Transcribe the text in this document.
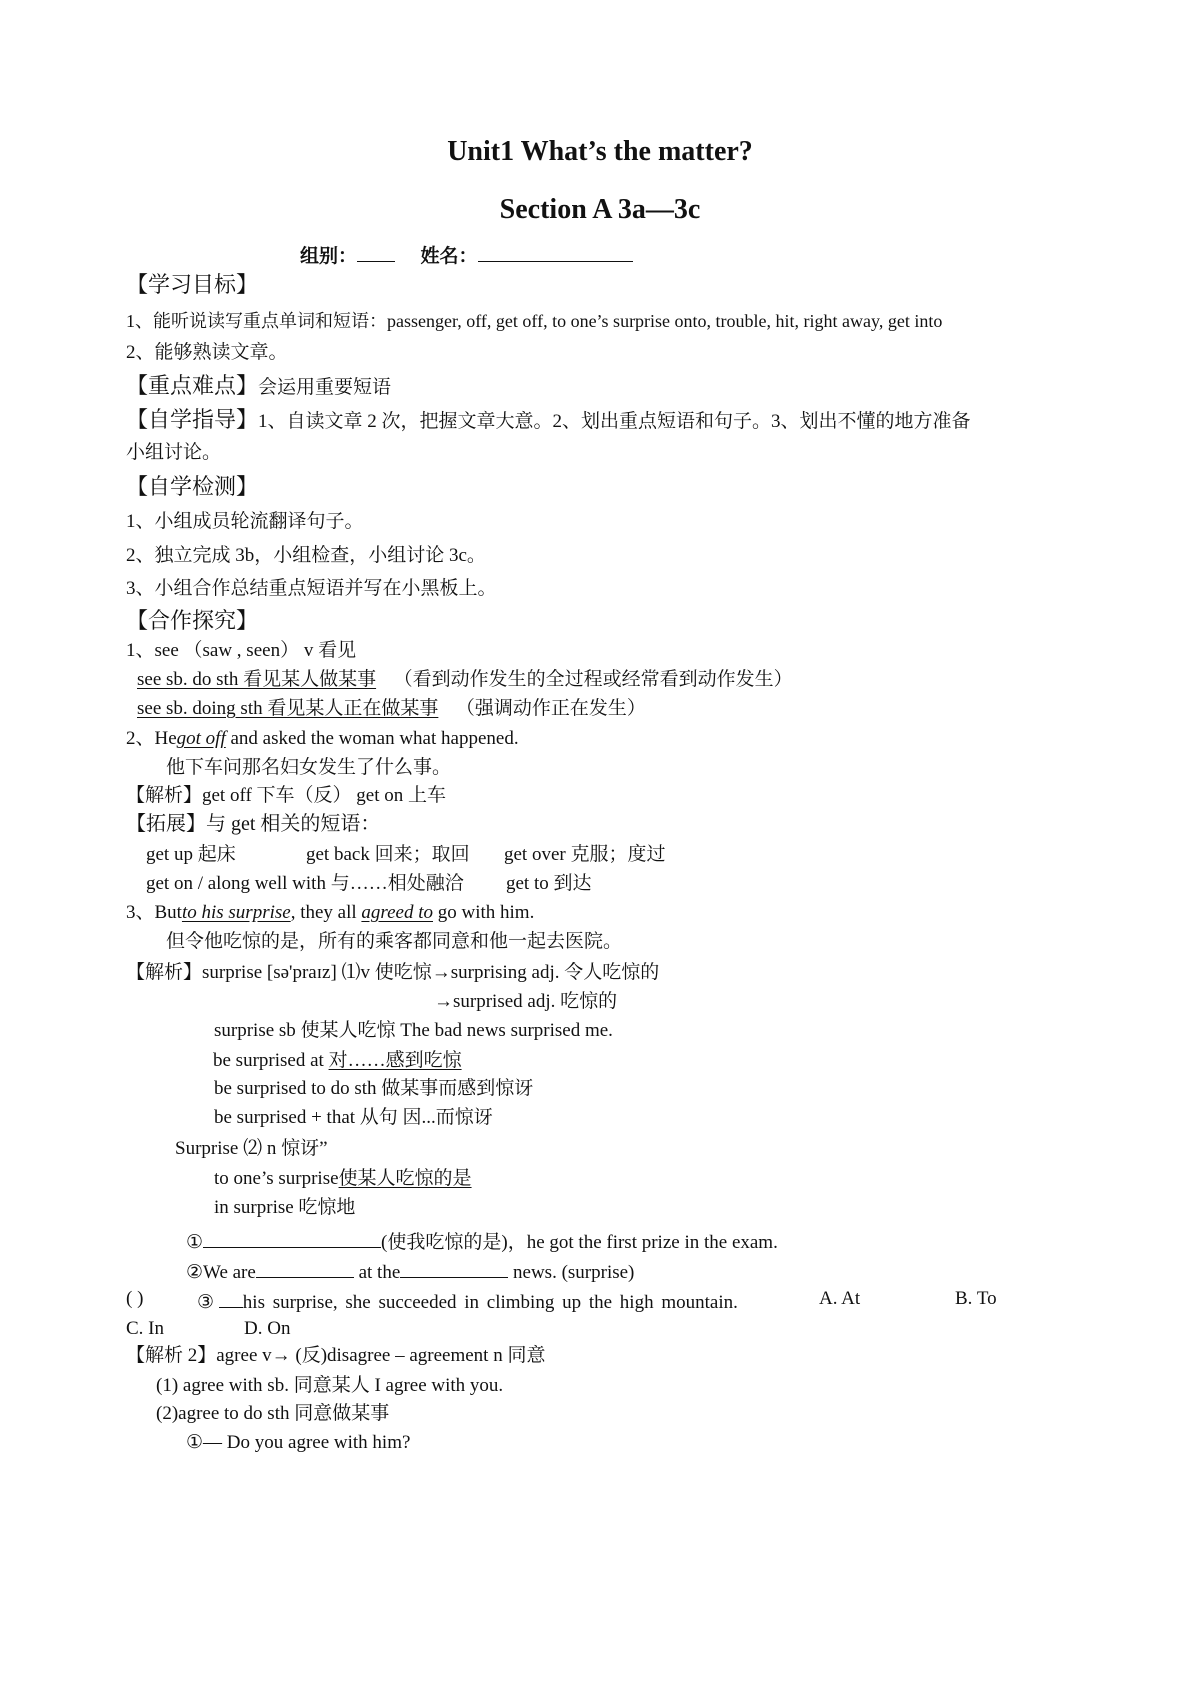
Unit1 What’s the matter?
Section A 3a—3c
组别：	姓名：
【学习目标】
1、能听说读写重点单词和短语：passenger, off, get off, to one’s surprise onto, trouble, hit, right away, get into
2、能够熟读文章。
【重点难点】会运用重要短语
【自学指导】1、自读文章 2 次，把握文章大意。2、划出重点短语和句子。3、划出不懂的地方准备
小组讨论。
【自学检测】
1、小组成员轮流翻译句子。
2、独立完成 3b，小组检查，小组讨论 3c。
3、小组合作总结重点短语并写在小黑板上。
【合作探究】
1、see （saw , seen） v 看见
see sb. do sth 看见某人做某事 （看到动作发生的全过程或经常看到动作发生）
see sb. doing sth 看见某人正在做某事 （强调动作正在发生）
2、Hegot off and asked the woman what happened.
他下车问那名妇女发生了什么事。
【解析】get off 下车（反） get on 上车
【拓展】与 get 相关的短语：
get up 起床	get back 回来；取回 get over 克服；度过
get on / along well with 与……相处融洽 get to 到达
3、Butto his surprise, they all agreed to go with him.
但令他吃惊的是，所有的乘客都同意和他一起去医院。
【解析】surprise [sə'praɪz] ⑴v 使吃惊→surprising adj. 令人吃惊的
→surprised adj. 吃惊的
surprise sb 使某人吃惊 The bad news surprised me.
be surprised at 对……感到吃惊
be surprised to do sth 做某事而感到惊讶
be surprised + that 从句 因...而惊讶
Surprise ⑵ n 惊讶”
to one’s surprise使某人吃惊的是
in surprise 吃惊地
①	(使我吃惊的是)，he got the first prize in the exam.
②We are	at the	news. (surprise)
( )	③ his surprise, she succeeded in climbing up the high mountain.	A. At	B. To
C. In	D. On
【解析 2】agree v→ (反)disagree – agreement n 同意
(1) agree with sb. 同意某人 I agree with you.
(2)agree to do sth 同意做某事
①— Do you agree with him?
